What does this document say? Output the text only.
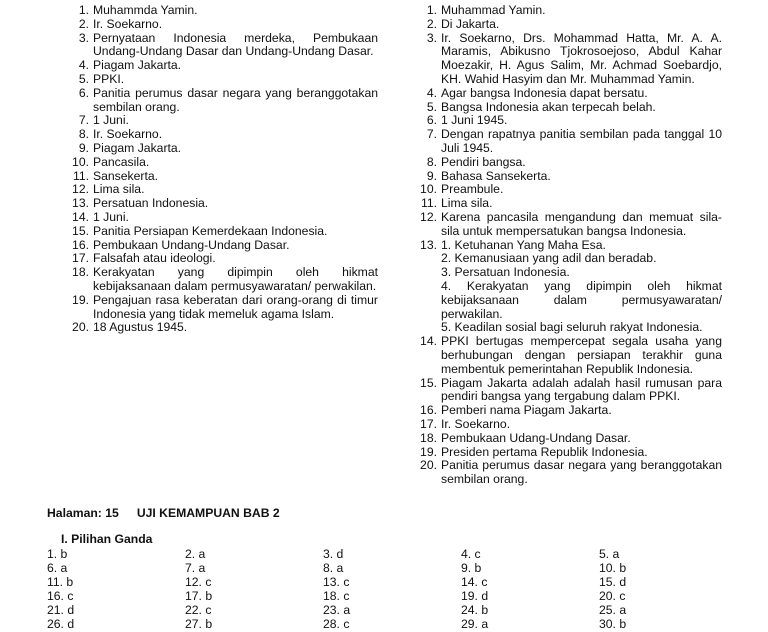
1. Muhammda Yamin.
2. Ir. Soekarno.
3. Pernyataan Indonesia merdeka, Pembukaan Undang-Undang Dasar dan Undang-Undang Dasar.
4. Piagam Jakarta.
5. PPKI.
6. Panitia perumus dasar negara yang beranggotakan sembilan orang.
7. 1 Juni.
8. Ir. Soekarno.
9. Piagam Jakarta.
10. Pancasila.
11. Sansekerta.
12. Lima sila.
13. Persatuan Indonesia.
14. 1 Juni.
15. Panitia Persiapan Kemerdekaan Indonesia.
16. Pembukaan Undang-Undang Dasar.
17. Falsafah atau ideologi.
18. Kerakyatan yang dipimpin oleh hikmat kebijaksanaan dalam permusyawaratan/ perwakilan.
19. Pengajuan rasa keberatan dari orang-orang di timur Indonesia yang tidak memeluk agama Islam.
20. 18 Agustus 1945.
1. Muhammad Yamin.
2. Di Jakarta.
3. Ir. Soekarno, Drs. Mohammad Hatta, Mr. A. A. Maramis, Abikusno Tjokrosoejoso, Abdul Kahar Moezakir, H. Agus Salim, Mr. Achmad Soebardjo, KH. Wahid Hasyim dan Mr. Muhammad Yamin.
4. Agar bangsa Indonesia dapat bersatu.
5. Bangsa Indonesia akan terpecah belah.
6. 1 Juni 1945.
7. Dengan rapatnya panitia sembilan pada tanggal 10 Juli 1945.
8. Pendiri bangsa.
9. Bahasa Sansekerta.
10. Preambule.
11. Lima sila.
12. Karena pancasila mengandung dan memuat sila-sila untuk mempersatukan bangsa Indonesia.
13. 1. Ketuhanan Yang Maha Esa.
2. Kemanusiaan yang adil dan beradab.
3. Persatuan Indonesia.
4. Kerakyatan yang dipimpin oleh hikmat kebijaksanaan dalam permusyawaratan/ perwakilan.
5. Keadilan sosial bagi seluruh rakyat Indonesia.
14. PPKI bertugas mempercepat segala usaha yang berhubungan dengan persiapan terakhir guna membentuk pemerintahan Republik Indonesia.
15. Piagam Jakarta adalah adalah hasil rumusan para pendiri bangsa yang tergabung dalam PPKI.
16. Pemberi nama Piagam Jakarta.
17. Ir. Soekarno.
18. Pembukaan Udang-Undang Dasar.
19. Presiden pertama Republik Indonesia.
20. Panitia perumus dasar negara yang beranggotakan sembilan orang.
Halaman: 15 UJI KEMAMPUAN BAB 2
I. Pilihan Ganda
1. b	2. a	3. d	4. c	5. a
6. a	7. a	8. a	9. b	10. b
11. b	12. c	13. c	14. c	15. d
16. c	17. b	18. c	19. d	20. c
21. d	22. c	23. a	24. b	25. a
26. d	27. b	28. c	29. a	30. b
